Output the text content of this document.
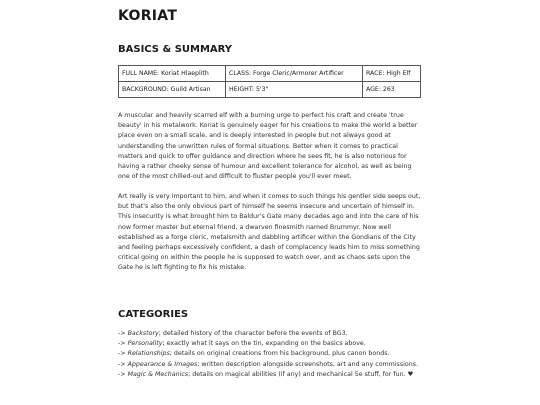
KORIAT
BASICS & SUMMARY
FULL NAME: Koriat Hlaeplith	CLASS: Forge Cleric/Armorer Artificer	RACE: High Elf
BACKGROUND: Guild Artisan	HEIGHT: 5'3"	AGE: 263

A muscular and heavily scarred elf with a burning urge to perfect his craft and create 'true beauty' in his metalwork. Koriat is genuinely eager for his creations to make the world a better place even on a small scale, and is deeply interested in people but not always good at understanding the unwritten rules of formal situations. Better when it comes to practical matters and quick to offer guidance and direction where he sees fit, he is also notorious for having a rather cheeky sense of humour and excellent tolerance for alcohol, as well as being one of the most chilled-out and difficult to fluster people you'll ever meet.

Art really is very important to him, and when it comes to such things his gentler side seeps out, but that's also the only obvious part of himself he seems insecure and uncertain of himself in. This insecurity is what brought him to Baldur's Gate many decades ago and into the care of his now former master but eternal friend, a dwarven finesmith named Brummyr. Now well established as a forge cleric, metalsmith and dabbling artificer within the Gondians of the City and feeling perhaps excessively confident, a dash of complacency leads him to miss something critical going on within the people he is supposed to watch over, and as chaos sets upon the Gate he is left fighting to fix his mistake.

CATEGORIES
-> Backstory; detailed history of the character before the events of BG3.
-> Personality; exactly what it says on the tin, expanding on the basics above.
-> Relationships; details on original creations from his background, plus canon bonds.
-> Appearance & Images; written description alongside screenshots, art and any commissions.
-> Magic & Mechanics; details on magical abilities (if any) and mechanical 5e stuff, for fun. ♥
